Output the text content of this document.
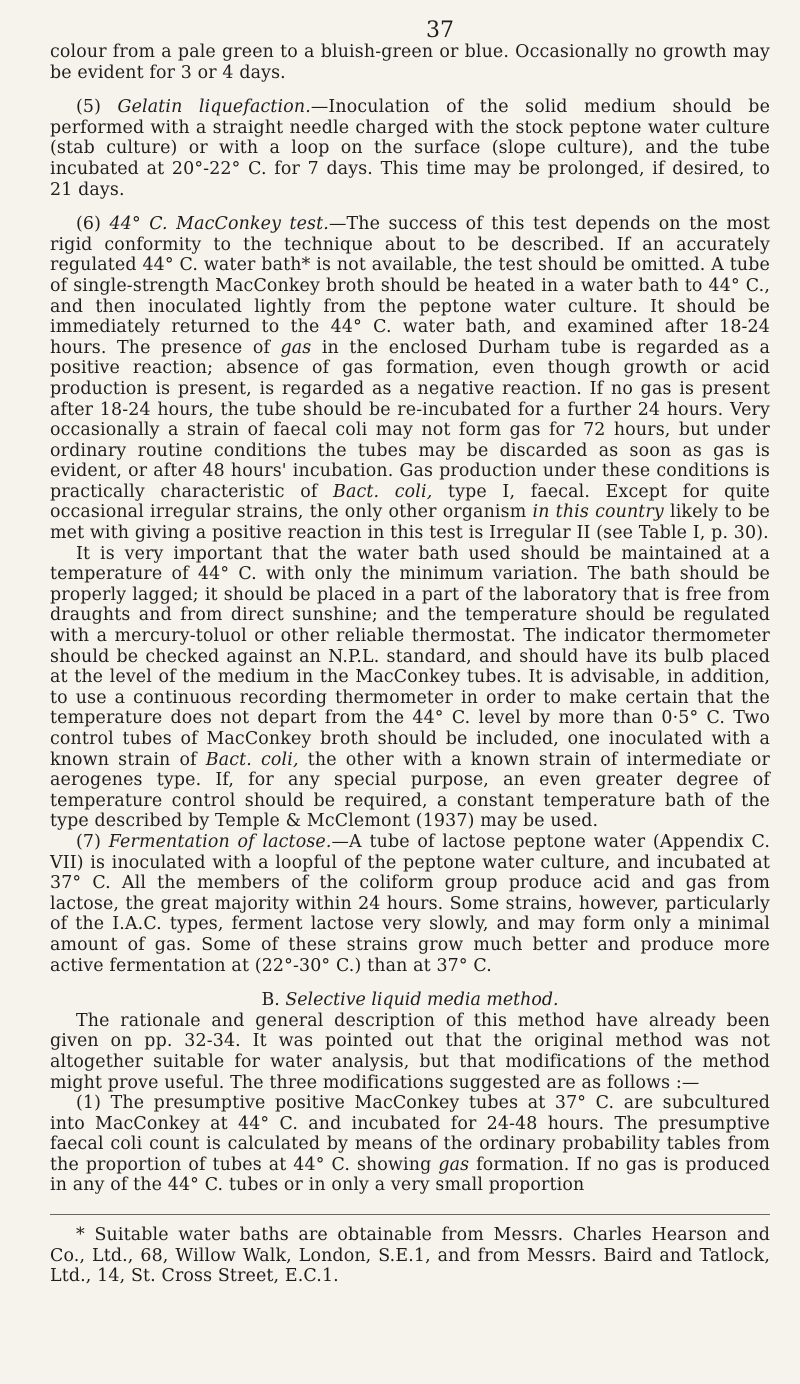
37

colour from a pale green to a bluish-green or blue. Occasionally no growth may be evident for 3 or 4 days.

(5) Gelatin liquefaction.—Inoculation of the solid medium should be performed with a straight needle charged with the stock peptone water culture (stab culture) or with a loop on the surface (slope culture), and the tube incubated at 20°-22° C. for 7 days. This time may be prolonged, if desired, to 21 days.

(6) 44° C. MacConkey test.—The success of this test depends on the most rigid conformity to the technique about to be described. If an accurately regulated 44° C. water bath* is not available, the test should be omitted. A tube of single-strength MacConkey broth should be heated in a water bath to 44° C., and then inoculated lightly from the peptone water culture. It should be immediately returned to the 44° C. water bath, and examined after 18-24 hours. The presence of gas in the enclosed Durham tube is regarded as a positive reaction; absence of gas formation, even though growth or acid production is present, is regarded as a negative reaction. If no gas is present after 18-24 hours, the tube should be re-incubated for a further 24 hours. Very occasionally a strain of faecal coli may not form gas for 72 hours, but under ordinary routine conditions the tubes may be discarded as soon as gas is evident, or after 48 hours' incubation. Gas production under these conditions is practically characteristic of Bact. coli, type I, faecal. Except for quite occasional irregular strains, the only other organism in this country likely to be met with giving a positive reaction in this test is Irregular II (see Table I, p. 30).

It is very important that the water bath used should be maintained at a temperature of 44° C. with only the minimum variation. The bath should be properly lagged; it should be placed in a part of the laboratory that is free from draughts and from direct sunshine; and the temperature should be regulated with a mercury-toluol or other reliable thermostat. The indicator thermometer should be checked against an N.P.L. standard, and should have its bulb placed at the level of the medium in the MacConkey tubes. It is advisable, in addition, to use a continuous recording thermometer in order to make certain that the temperature does not depart from the 44° C. level by more than 0·5° C. Two control tubes of MacConkey broth should be included, one inoculated with a known strain of Bact. coli, the other with a known strain of intermediate or aerogenes type. If, for any special purpose, an even greater degree of temperature control should be required, a constant temperature bath of the type described by Temple & McClemont (1937) may be used.

(7) Fermentation of lactose.—A tube of lactose peptone water (Appendix C. VII) is inoculated with a loopful of the peptone water culture, and incubated at 37° C. All the members of the coliform group produce acid and gas from lactose, the great majority within 24 hours. Some strains, however, particularly of the I.A.C. types, ferment lactose very slowly, and may form only a minimal amount of gas. Some of these strains grow much better and produce more active fermentation at (22°-30° C.) than at 37° C.

B. Selective liquid media method.

The rationale and general description of this method have already been given on pp. 32-34. It was pointed out that the original method was not altogether suitable for water analysis, but that modifications of the method might prove useful. The three modifications suggested are as follows :—

(1) The presumptive positive MacConkey tubes at 37° C. are subcultured into MacConkey at 44° C. and incubated for 24-48 hours. The presumptive faecal coli count is calculated by means of the ordinary probability tables from the proportion of tubes at 44° C. showing gas formation. If no gas is produced in any of the 44° C. tubes or in only a very small proportion

* Suitable water baths are obtainable from Messrs. Charles Hearson and Co., Ltd., 68, Willow Walk, London, S.E.1, and from Messrs. Baird and Tatlock, Ltd., 14, St. Cross Street, E.C.1.
